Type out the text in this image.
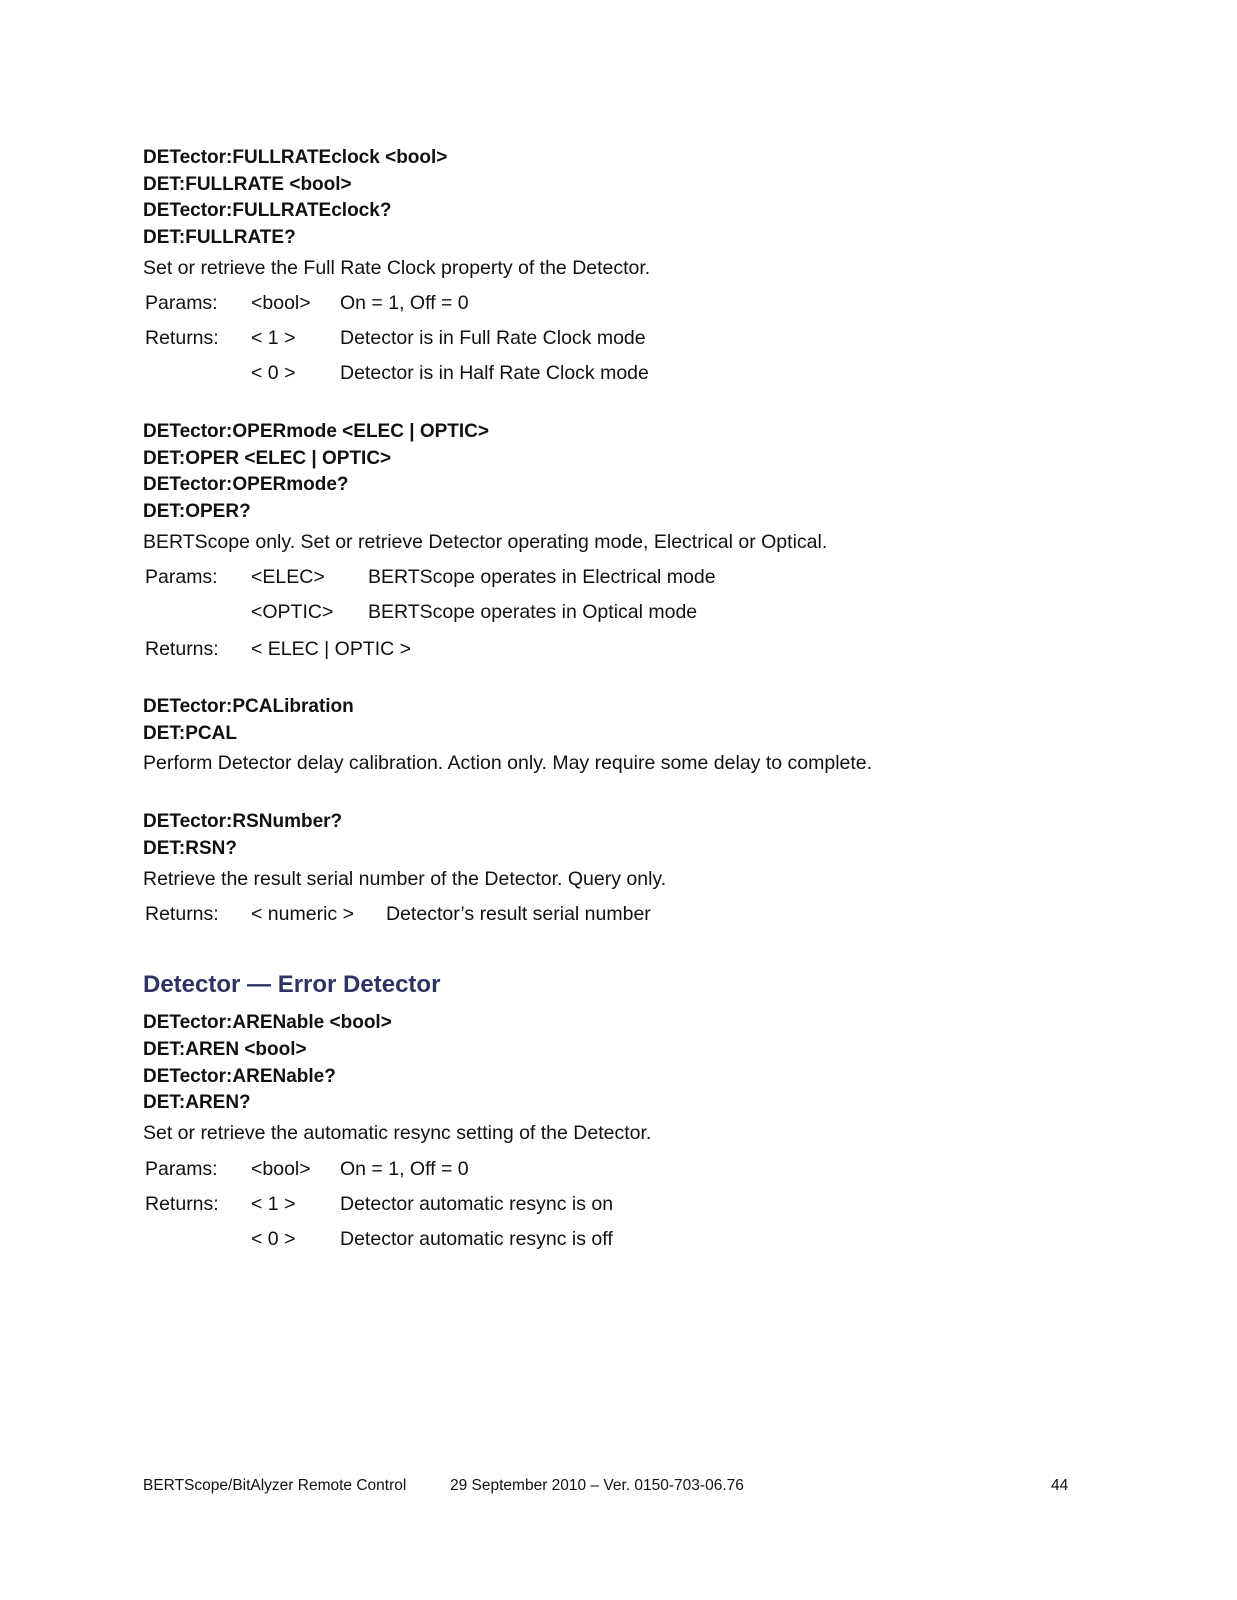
DETector:FULLRATEclock <bool>
DET:FULLRATE <bool>
DETector:FULLRATEclock?
DET:FULLRATE?
Set or retrieve the Full Rate Clock property of the Detector.
Params: <bool> On = 1, Off = 0
Returns: < 1 > Detector is in Full Rate Clock mode
< 0 > Detector is in Half Rate Clock mode
DETector:OPERmode <ELEC | OPTIC>
DET:OPER <ELEC | OPTIC>
DETector:OPERmode?
DET:OPER?
BERTScope only. Set or retrieve Detector operating mode, Electrical or Optical.
Params: <ELEC> BERTScope operates in Electrical mode
<OPTIC> BERTScope operates in Optical mode
Returns: < ELEC | OPTIC >
DETector:PCALibration
DET:PCAL
Perform Detector delay calibration. Action only. May require some delay to complete.
DETector:RSNumber?
DET:RSN?
Retrieve the result serial number of the Detector. Query only.
Returns: < numeric > Detector’s result serial number
Detector — Error Detector
DETector:ARENable <bool>
DET:AREN <bool>
DETector:ARENable?
DET:AREN?
Set or retrieve the automatic resync setting of the Detector.
Params: <bool> On = 1, Off = 0
Returns: < 1 > Detector automatic resync is on
< 0 > Detector automatic resync is off
BERTScope/BitAlyzer Remote Control	29 September 2010 – Ver. 0150-703-06.76	44
